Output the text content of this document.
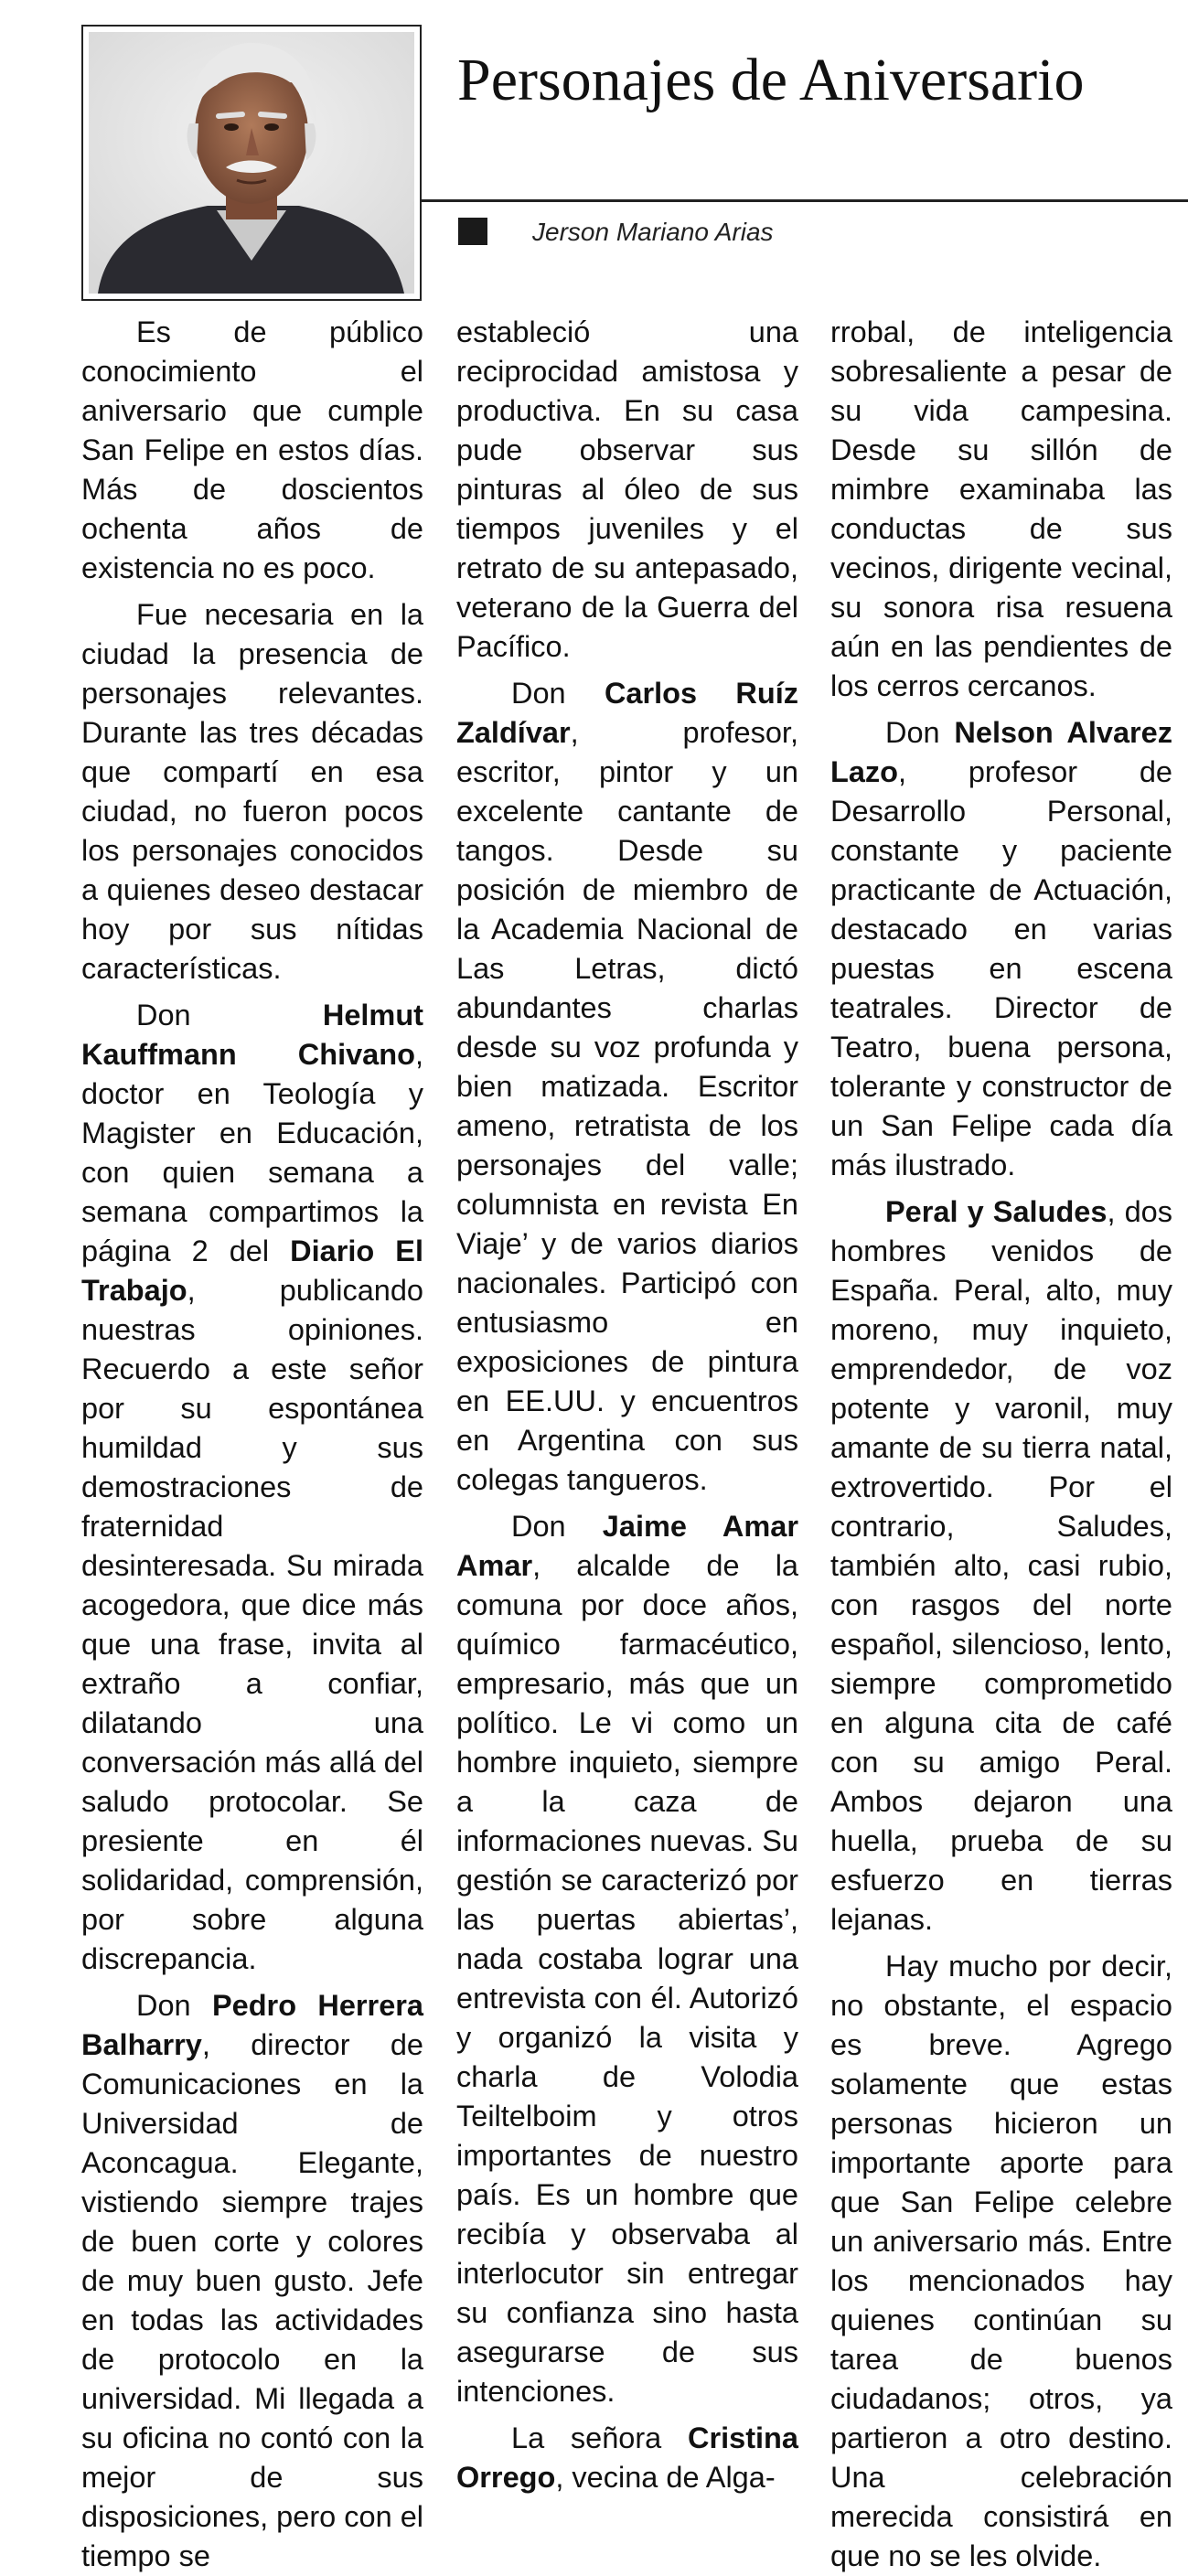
Personajes de Aniversario
Jerson Mariano Arias

Es de público conocimiento el aniversario que cumple San Felipe en estos días. Más de doscientos ochenta años de existencia no es poco.

Fue necesaria en la ciudad la presencia de personajes relevantes. Durante las tres décadas que compartí en esa ciudad, no fueron pocos los personajes conocidos a quienes deseo destacar hoy por sus nítidas características.

Don Helmut Kauffmann Chivano, doctor en Teología y Magister en Educación, con quien semana a semana compartimos la página 2 del Diario El Trabajo, publicando nuestras opiniones. Recuerdo a este señor por su espontánea humildad y sus demostraciones de fraternidad desinteresada. Su mirada acogedora, que dice más que una frase, invita al extraño a confiar, dilatando una conversación más allá del saludo protocolar. Se presiente en él solidaridad, comprensión, por sobre alguna discrepancia.

Don Pedro Herrera Balharry, director de Comunicaciones en la Universidad de Aconcagua. Elegante, vistiendo siempre trajes de buen corte y colores de muy buen gusto. Jefe en todas las actividades de protocolo en la universidad. Mi llegada a su oficina no contó con la mejor de sus disposiciones, pero con el tiempo se

estableció una reciprocidad amistosa y productiva. En su casa pude observar sus pinturas al óleo de sus tiempos juveniles y el retrato de su antepasado, veterano de la Guerra del Pacífico.

Don Carlos Ruíz Zaldívar, profesor, escritor, pintor y un excelente cantante de tangos. Desde su posición de miembro de la Academia Nacional de Las Letras, dictó abundantes charlas desde su voz profunda y bien matizada. Escritor ameno, retratista de los personajes del valle; columnista en revista En Viaje’ y de varios diarios nacionales. Participó con entusiasmo en exposiciones de pintura en EE.UU. y encuentros en Argentina con sus colegas tangueros.

Don Jaime Amar Amar, alcalde de la comuna por doce años, químico farmacéutico, empresario, más que un político. Le vi como un hombre inquieto, siempre a la caza de informaciones nuevas. Su gestión se caracterizó por las puertas abiertas’, nada costaba lograr una entrevista con él. Autorizó y organizó la visita y charla de Volodia Teiltelboim y otros importantes de nuestro país. Es un hombre que recibía y observaba al interlocutor sin entregar su confianza sino hasta asegurarse de sus intenciones.

La señora Cristina Orrego, vecina de Alga-

rrobal, de inteligencia sobresaliente a pesar de su vida campesina. Desde su sillón de mimbre examinaba las conductas de sus vecinos, dirigente vecinal, su sonora risa resuena aún en las pendientes de los cerros cercanos.

Don Nelson Alvarez Lazo, profesor de Desarrollo Personal, constante y paciente practicante de Actuación, destacado en varias puestas en escena teatrales. Director de Teatro, buena persona, tolerante y constructor de un San Felipe cada día más ilustrado.

Peral y Saludes, dos hombres venidos de España. Peral, alto, muy moreno, muy inquieto, emprendedor, de voz potente y varonil, muy amante de su tierra natal, extrovertido. Por el contrario, Saludes, también alto, casi rubio, con rasgos del norte español, silencioso, lento, siempre comprometido en alguna cita de café con su amigo Peral. Ambos dejaron una huella, prueba de su esfuerzo en tierras lejanas.

Hay mucho por decir, no obstante, el espacio es breve. Agrego solamente que estas personas hicieron un importante aporte para que San Felipe celebre un aniversario más. Entre los mencionados hay quienes continúan su tarea de buenos ciudadanos; otros, ya partieron a otro destino. Una celebración merecida consistirá en que no se les olvide.
